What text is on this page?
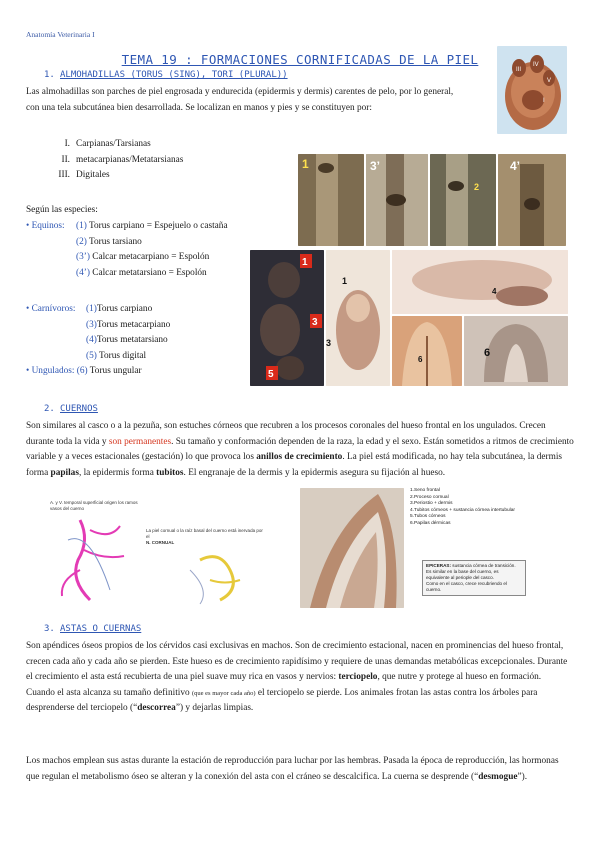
Anatomía Veterinaria I
TEMA 19 : FORMACIONES CORNIFICADAS DE LA PIEL
III
IV
V
I
1. ALMOHADILLAS (TORUS (SING), TORI (PLURAL))
Las almohadillas son parches de piel engrosada y endurecida (epidermis y dermis) carentes de pelo, por lo general, con una tela subcutánea bien desarrollada. Se localizan en manos y pies y se constituyen por:
I. Carpianas/Tarsianas
II. metacarpianas/Metatarsianas
III. Digitales
Según las especies:
• Equinos: (1) Torus carpiano = Espejuelo o castaña
(2) Torus tarsiano
(3’) Calcar metacarpiano = Espolón
(4’) Calcar metatarsiano = Espolón
• Carnívoros: (1)Torus carpiano
(3)Torus metacarpiano
(4)Torus metatarsiano
(5) Torus digital
• Ungulados: (6) Torus ungular
1	3’
2
4’
1
3
5
1
3
4
6
6
2. CUERNOS
Son similares al casco o a la pezuña, son estuches córneos que recubren a los procesos coronales del hueso frontal en los ungulados. Crecen durante toda la vida y son permanentes. Su tamaño y conformación dependen de la raza, la edad y el sexo. Están sometidos a ritmos de crecimiento variable y a veces estacionales (gestación) lo que provoca los anillos de crecimiento. La piel está modificada, no hay tela subcutánea, la dermis forma papilas, la epidermis forma tubitos. El engranaje de la dermis y la epidermis asegura su fijación al hueso.
A. y V. temporal superficial origen los ramos vasos del cuerno
La piel cornual o la raíz basal del cuerno está inervada por el
N. CORNUAL
1.Seno frontal
2.Proceso cornual
3.Periostio + dermis
4.Tubitos córneos + sustancia córnea intertubular
5.Tubos córneos
6.Papilas dérmicas
EPICERAS: sustancia córnea de transición. Es similar en la base del cuerno, es equivalente al periople del casco.
Como en el casco, crece recubriendo el cuerno.
3. ASTAS O CUERNAS
Son apéndices óseos propios de los cérvidos casi exclusivas en machos. Son de crecimiento estacional, nacen en prominencias del hueso frontal, crecen cada año y cada año se pierden. Este hueso es de crecimiento rapidísimo y requiere de unas demandas metabólicas excepcionales. Durante el crecimiento el asta está recubierta de una piel suave muy rica en vasos y nervios: terciopelo, que nutre y protege al hueso en formación.
Cuando el asta alcanza su tamaño definitivo (que es mayor cada año) el terciopelo se pierde. Los animales frotan las astas contra los árboles para desprenderse del terciopelo (“descorrea”) y dejarlas limpias.
Los machos emplean sus astas durante la estación de reproducción para luchar por las hembras. Pasada la época de reproducción, las hormonas que regulan el metabolismo óseo se alteran y la conexión del asta con el cráneo se descalcifica. La cuerna se desprende (“desmogue”).
